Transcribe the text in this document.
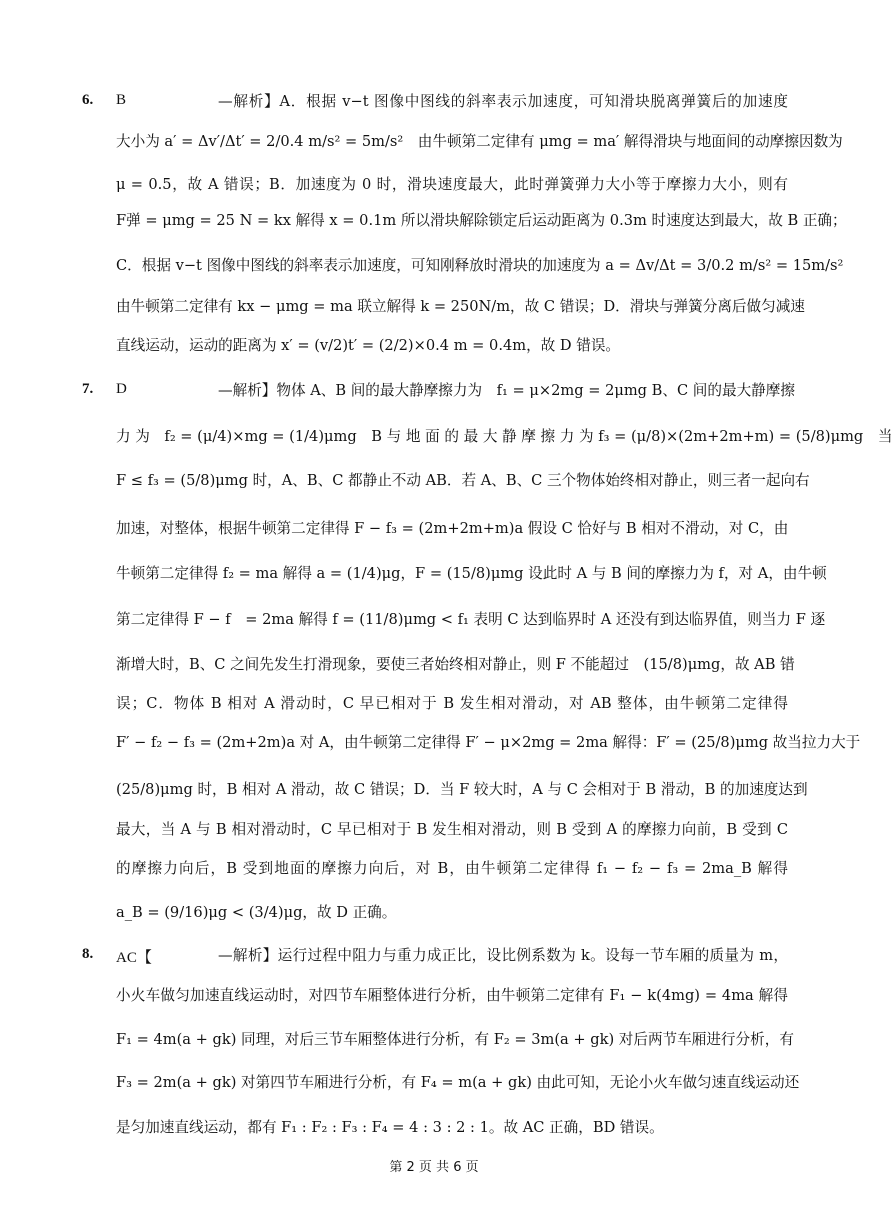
6. B	—解析】A．根据 v−t 图像中图线的斜率表示加速度，可知滑块脱离弹簧后的加速度
大小为 a′ = Δv′/Δt′ = 2/0.4 m/s² = 5m/s²　由牛顿第二定律有 μmg = ma′ 解得滑块与地面间的动摩擦因数为
μ = 0.5，故 A 错误；B．加速度为 0 时，滑块速度最大，此时弹簧弹力大小等于摩擦力大小，则有
F弹 = μmg = 25 N = kx 解得 x = 0.1m 所以滑块解除锁定后运动距离为 0.3m 时速度达到最大，故 B 正确；
C．根据 v−t 图像中图线的斜率表示加速度，可知刚释放时滑块的加速度为 a = Δv/Δt = 3/0.2 m/s² = 15m/s²
由牛顿第二定律有 kx − μmg = ma 联立解得 k = 250N/m，故 C 错误；D．滑块与弹簧分离后做匀减速
直线运动，运动的距离为 x′ = (v/2)t′ = (2/2)×0.4 m = 0.4m，故 D 错误。
7. D	—解析】物体 A、B 间的最大静摩擦力为　f₁ = μ×2mg = 2μmg B、C 间的最大静摩擦
力 为　f₂ = (μ/4)×mg = (1/4)μmg　B 与 地 面 的 最 大 静 摩 擦 力 为 f₃ = (μ/8)×(2m+2m+m) = (5/8)μmg　当
F ≤ f₃ = (5/8)μmg 时，A、B、C 都静止不动 AB．若 A、B、C 三个物体始终相对静止，则三者一起向右
加速，对整体，根据牛顿第二定律得 F − f₃ = (2m+2m+m)a 假设 C 恰好与 B 相对不滑动，对 C，由
牛顿第二定律得 f₂ = ma 解得 a = (1/4)μg，F = (15/8)μmg 设此时 A 与 B 间的摩擦力为 f，对 A，由牛顿
第二定律得 F − f　= 2ma 解得 f = (11/8)μmg < f₁ 表明 C 达到临界时 A 还没有到达临界值，则当力 F 逐
渐增大时，B、C 之间先发生打滑现象，要使三者始终相对静止，则 F 不能超过　(15/8)μmg，故 AB 错
误；C．物体 B 相对 A 滑动时，C 早已相对于 B 发生相对滑动，对 AB 整体，由牛顿第二定律得
F′ − f₂ − f₃ = (2m+2m)a 对 A，由牛顿第二定律得 F′ − μ×2mg = 2ma 解得：F′ = (25/8)μmg 故当拉力大于
(25/8)μmg 时，B 相对 A 滑动，故 C 错误；D．当 F 较大时，A 与 C 会相对于 B 滑动，B 的加速度达到
最大，当 A 与 B 相对滑动时，C 早已相对于 B 发生相对滑动，则 B 受到 A 的摩擦力向前，B 受到 C
的摩擦力向后，B 受到地面的摩擦力向后，对 B，由牛顿第二定律得 f₁ − f₂ − f₃ = 2ma_B 解得
a_B = (9/16)μg < (3/4)μg，故 D 正确。
8. AC【	—解析】运行过程中阻力与重力成正比，设比例系数为 k。设每一节车厢的质量为 m，
小火车做匀加速直线运动时，对四节车厢整体进行分析，由牛顿第二定律有 F₁ − k(4mg) = 4ma 解得
F₁ = 4m(a + gk) 同理，对后三节车厢整体进行分析，有 F₂ = 3m(a + gk) 对后两节车厢进行分析，有
F₃ = 2m(a + gk) 对第四节车厢进行分析，有 F₄ = m(a + gk) 由此可知，无论小火车做匀速直线运动还
是匀加速直线运动，都有 F₁ : F₂ : F₃ : F₄ = 4 : 3 : 2 : 1。故 AC 正确，BD 错误。
第 2 页 共 6 页
